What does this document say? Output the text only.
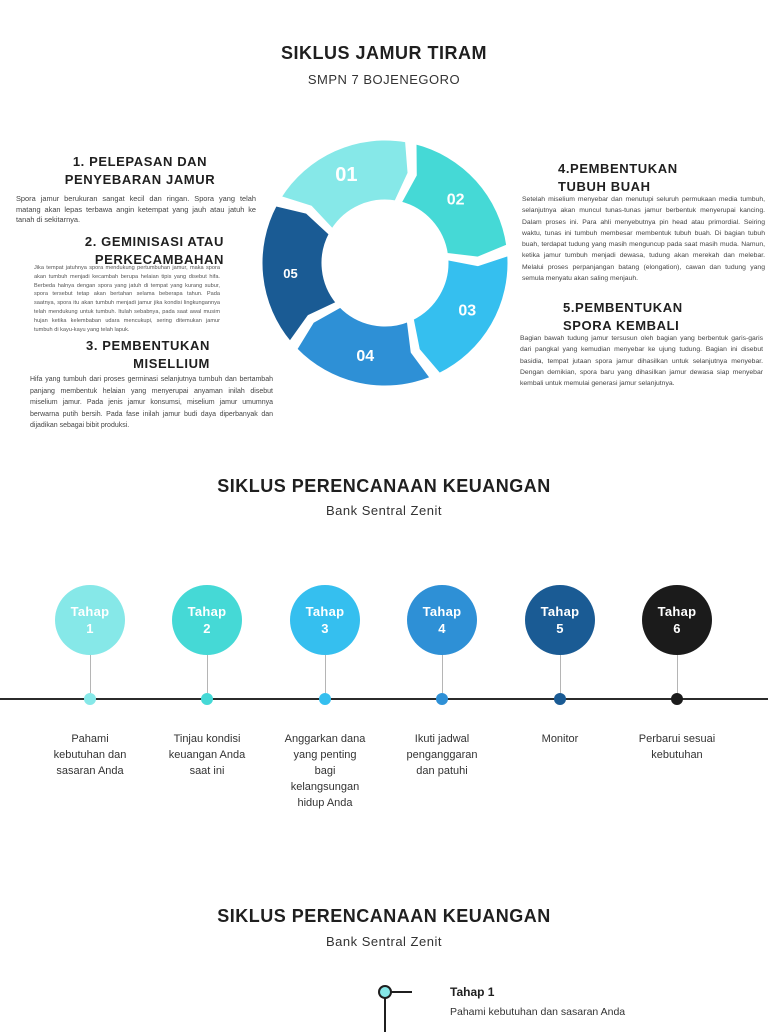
SIKLUS JAMUR TIRAM
SMPN 7 BOJENEGORO
1. PELEPASAN DAN
PENYEBARAN JAMUR
Spora jamur berukuran sangat kecil dan ringan. Spora yang telah matang akan lepas terbawa angin ketempat yang jauh atau jatuh ke tanah di sekitarnya.
2. GEMINISASI ATAU
PERKECAMBAHAN
Jika tempat jatuhnya spora mendukung pertumbuhan jamur, maka spora akan tumbuh menjadi kecambah berupa helaian tipis yang disebut hifa. Berbeda halnya dengan spora yang jatuh di tempat yang kurang subur, spora tersebut tetap akan bertahan selama beberapa tahun. Pada saatnya, spora itu akan tumbuh menjadi jamur jika kondisi lingkungannya telah mendukung untuk tumbuh. Itulah sebabnya, pada saat awal musim hujan ketika kelembaban udara mencukupi, sering ditemukan jamur tumbuh di kayu-kayu yang telah lapuk.
3. PEMBENTUKAN
MISELLIUM
Hifa yang tumbuh dari proses germinasi selanjutnya tumbuh dan bertambah panjang membentuk helaian yang menyerupai anyaman inilah disebut miselium jamur. Pada jenis jamur konsumsi, miselium jamur umumnya berwarna putih bersih. Pada fase inilah jamur budi daya diperbanyak dan dijadikan sebagai bibit produksi.
4.PEMBENTUKAN
TUBUH BUAH
Setelah miselium menyebar dan menutupi seluruh permukaan media tumbuh, selanjutnya akan muncul tunas-tunas jamur berbentuk menyerupai kancing. Dalam proses ini. Para ahli menyebutnya pin head atau primordial. Seiring waktu, tunas ini tumbuh membesar membentuk tubuh buah. Di bagian tubuh buah, terdapat tudung yang masih menguncup pada saat masih muda. Namun, ketika jamur tumbuh menjadi dewasa, tudung akan merekah dan melebar. Melalui proses perpanjangan batang (elongation), cawan dan tudung yang semula menyatu akan saling menjauh.
5.PEMBENTUKAN
SPORA KEMBALI
Bagian bawah tudung jamur tersusun oleh bagian yang berbentuk garis-garis dari pangkal yang kemudian menyebar ke ujung tudung. Bagian ini disebut basidia, tempat jutaan spora jamur dihasilkan untuk selanjutnya menyebar. Dengan demikian, spora baru yang dihasilkan jamur dewasa siap menyebar kembali untuk memulai generasi jamur selanjutnya.
01
02
03
04
05
SIKLUS PERENCANAAN KEUANGAN
Bank Sentral Zenit
Tahap
1
Pahami
kebutuhan dan
sasaran Anda
Tahap
2
Tinjau kondisi
keuangan Anda
saat ini
Tahap
3
Anggarkan dana
yang penting
bagi
kelangsungan
hidup Anda
Tahap
4
Ikuti jadwal
penganggaran
dan patuhi
Tahap
5
Monitor
Tahap
6
Perbarui sesuai
kebutuhan
SIKLUS PERENCANAAN KEUANGAN
Bank Sentral Zenit
Tahap 1
Pahami kebutuhan dan sasaran Anda
